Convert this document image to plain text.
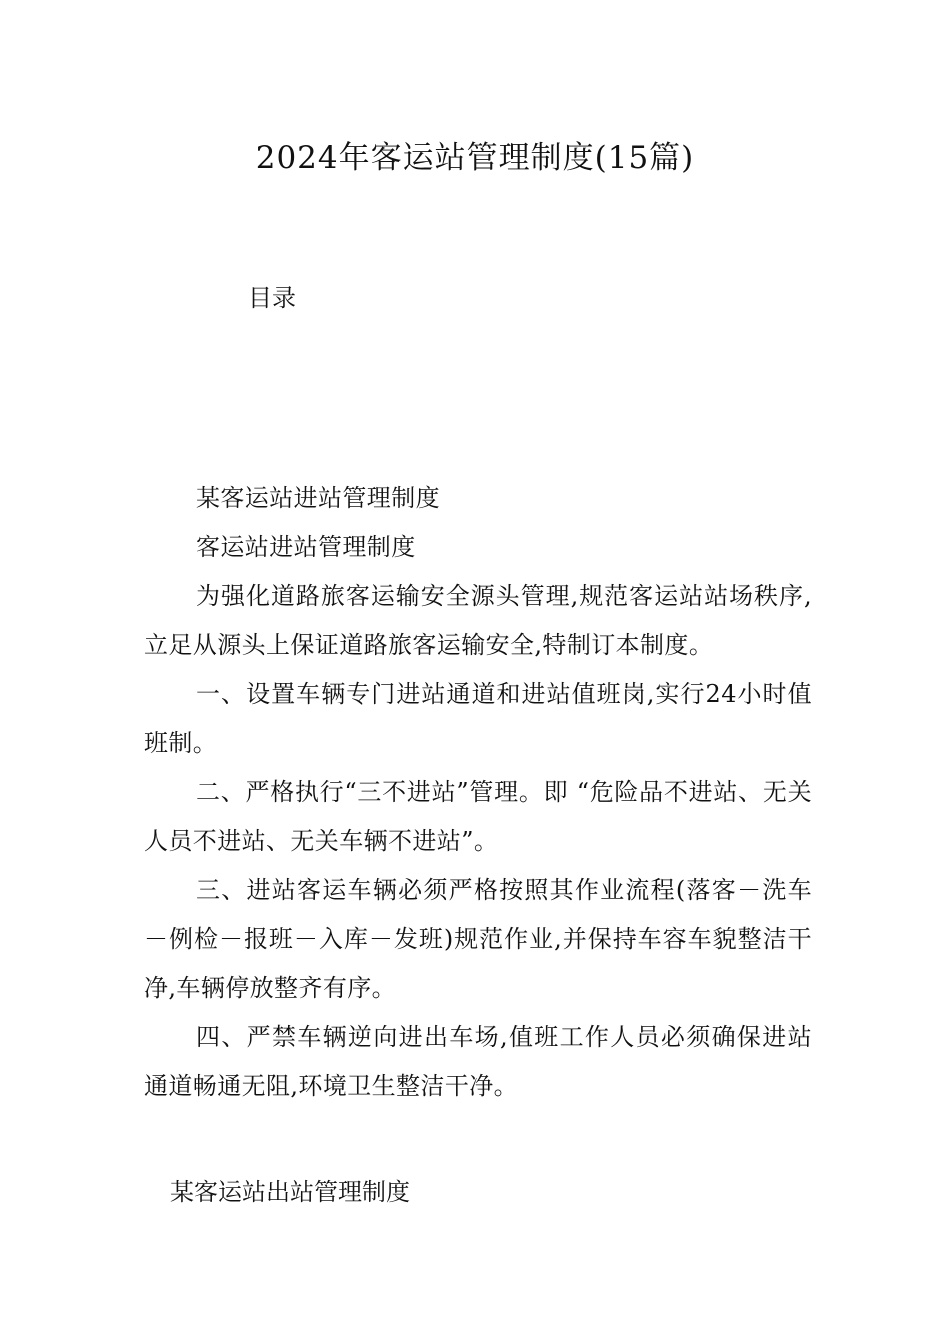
2024年客运站管理制度(15篇)
目录

某客运站进站管理制度

客运站进站管理制度

为强化道路旅客运输安全源头管理,规范客运站站场秩序,立足从源头上保证道路旅客运输安全,特制订本制度。

一、设置车辆专门进站通道和进站值班岗,实行24小时值班制。

二、严格执行“三不进站”管理。即 “危险品不进站、无关人员不进站、无关车辆不进站”。

三、进站客运车辆必须严格按照其作业流程(落客－洗车－例检－报班－入库－发班)规范作业,并保持车容车貌整洁干净,车辆停放整齐有序。

四、严禁车辆逆向进出车场,值班工作人员必须确保进站通道畅通无阻,环境卫生整洁干净。

某客运站出站管理制度
